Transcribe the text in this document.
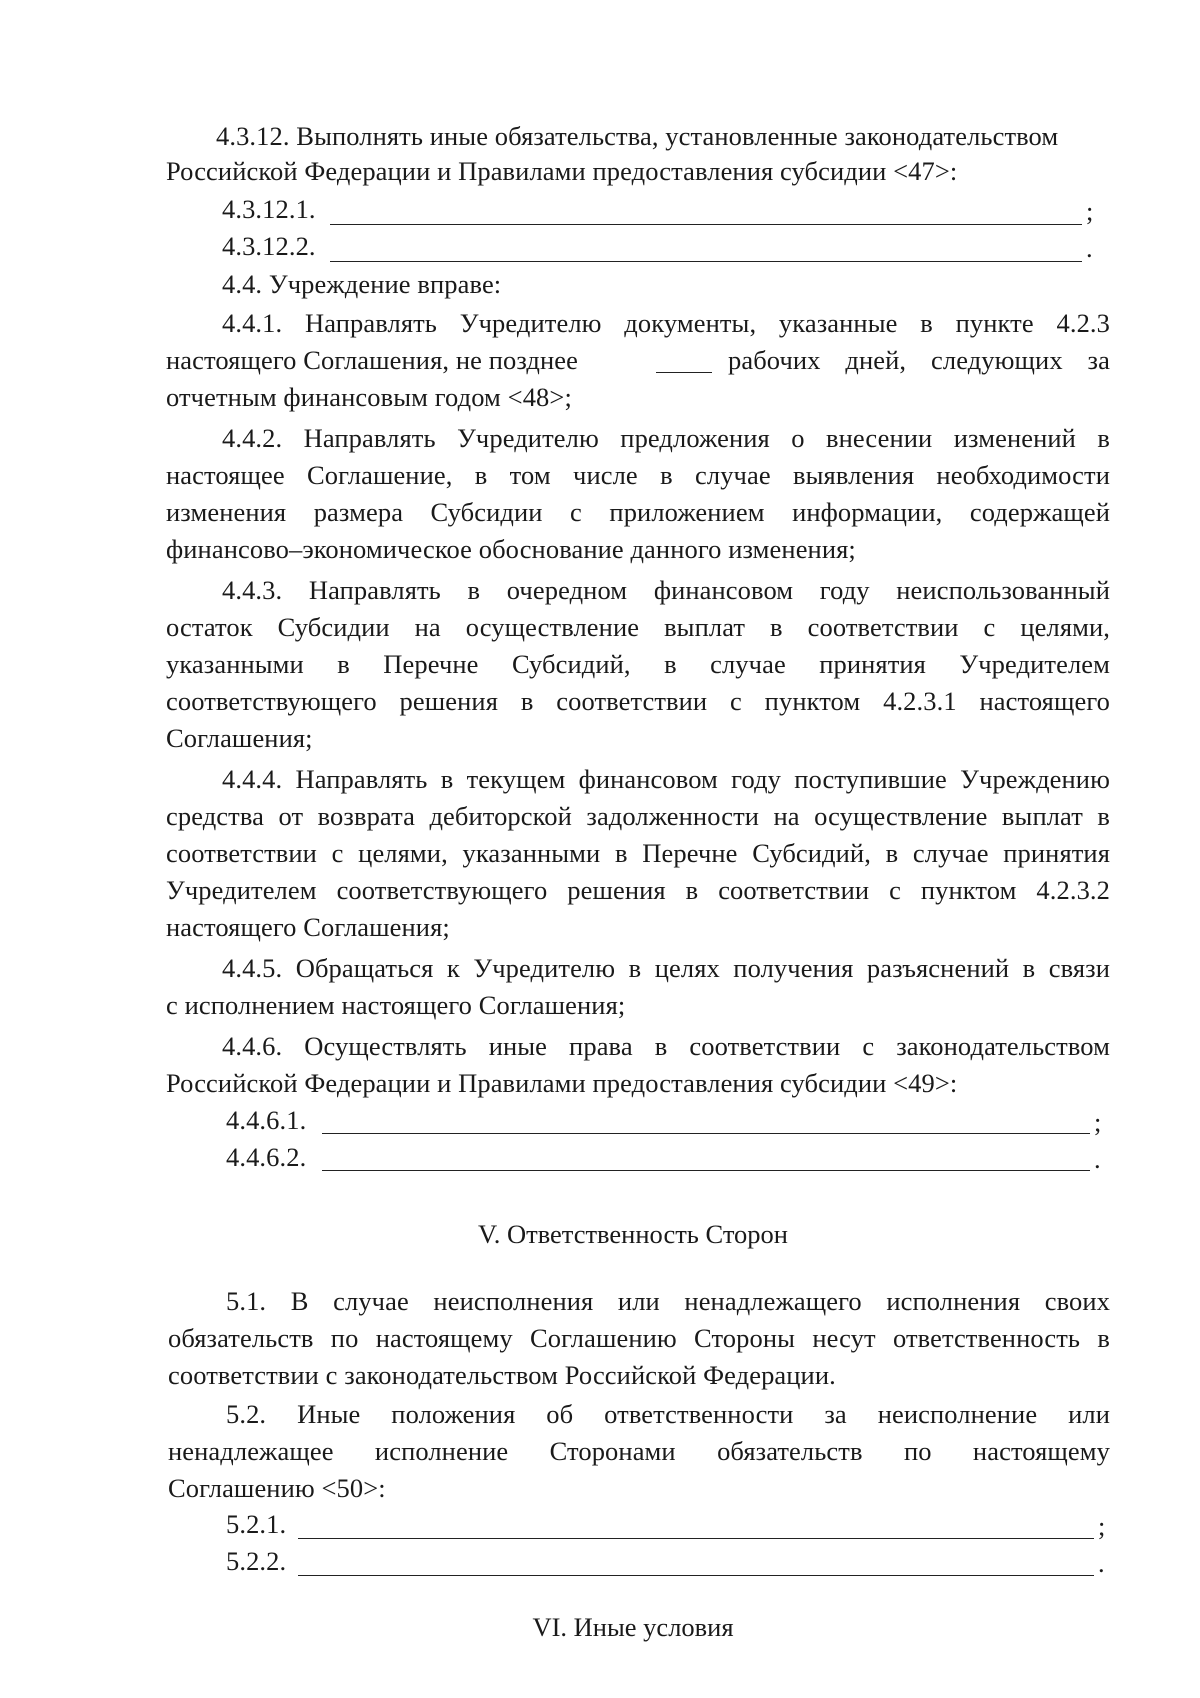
4.3.12. Выполнять иные обязательства, установленные законодательством
Российской Федерации и Правилами предоставления субсидии <47>:
4.3.12.1.	;
4.3.12.2.	.
4.4. Учреждение вправе:
4.4.1. Направлять Учредителю документы, указанные в пункте 4.2.3
настоящего Соглашения, не позднее	рабочих дней, следующих за
отчетным финансовым годом <48>;
4.4.2. Направлять Учредителю предложения о внесении изменений в
настоящее Соглашение, в том числе в случае выявления необходимости
изменения размера Субсидии с приложением информации, содержащей
финансово–экономическое обоснование данного изменения;
4.4.3. Направлять в очередном финансовом году неиспользованный
остаток Субсидии на осуществление выплат в соответствии с целями,
указанными в Перечне Субсидий, в случае принятия Учредителем
соответствующего решения в соответствии с пунктом 4.2.3.1 настоящего
Соглашения;
4.4.4. Направлять в текущем финансовом году поступившие Учреждению
средства от возврата дебиторской задолженности на осуществление выплат в
соответствии с целями, указанными в Перечне Субсидий, в случае принятия
Учредителем соответствующего решения в соответствии с пунктом 4.2.3.2
настоящего Соглашения;
4.4.5. Обращаться к Учредителю в целях получения разъяснений в связи
с исполнением настоящего Соглашения;
4.4.6. Осуществлять иные права в соответствии с законодательством
Российской Федерации и Правилами предоставления субсидии <49>:
4.4.6.1.	;
4.4.6.2.	.
V. Ответственность Сторон
5.1. В случае неисполнения или ненадлежащего исполнения своих
обязательств по настоящему Соглашению Стороны несут ответственность в
соответствии с законодательством Российской Федерации.
5.2. Иные положения об ответственности за неисполнение или
ненадлежащее исполнение Сторонами обязательств по настоящему
Соглашению <50>:
5.2.1.	;
5.2.2.	.
VI. Иные условия
